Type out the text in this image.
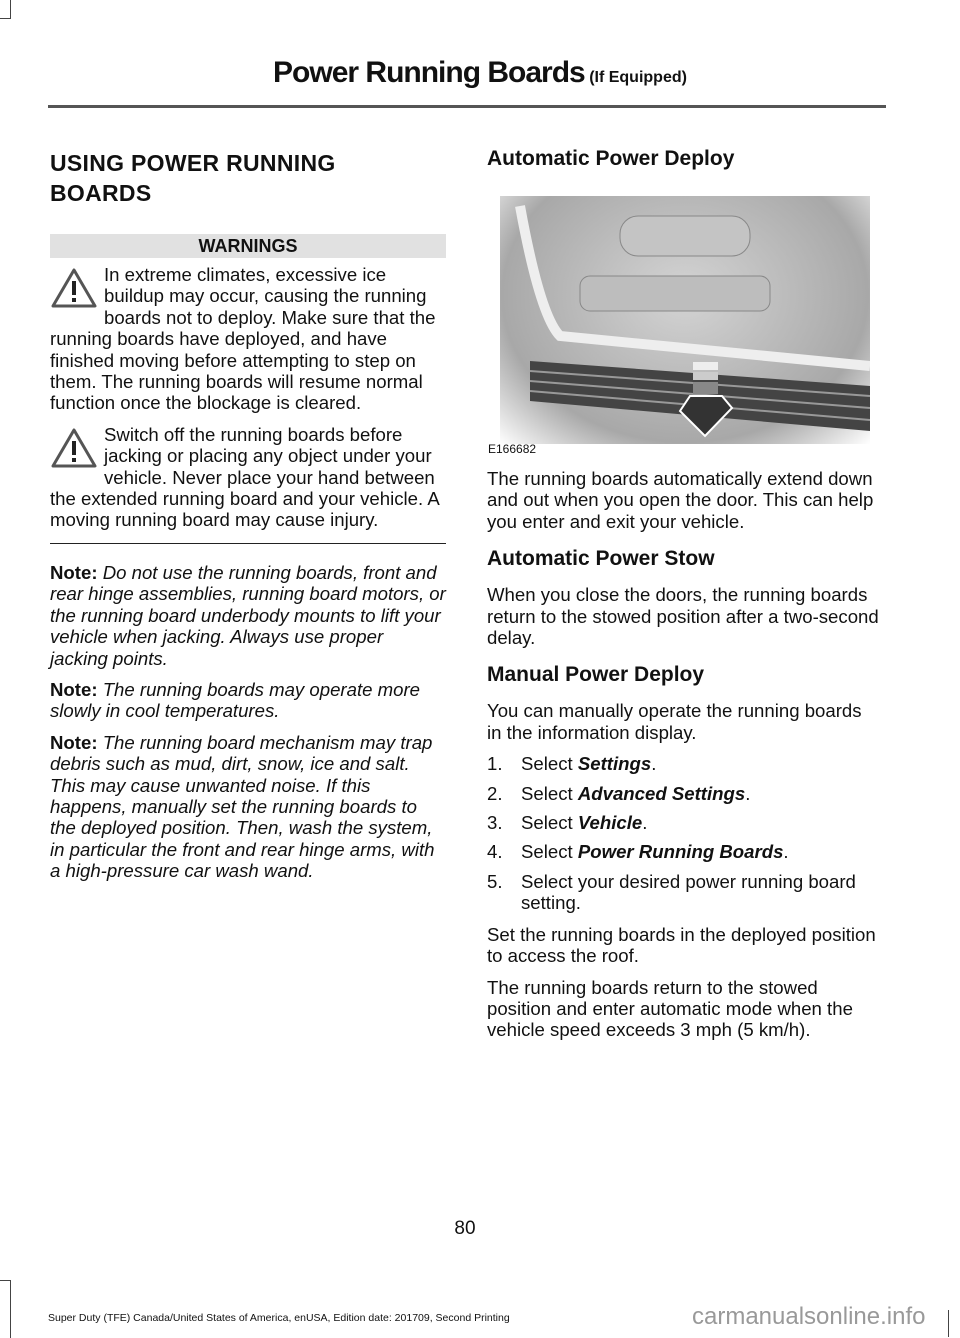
Power Running Boards (If Equipped)
USING POWER RUNNING BOARDS
WARNINGS
In extreme climates, excessive ice buildup may occur, causing the running boards not to deploy. Make sure that the running boards have deployed, and have finished moving before attempting to step on them. The running boards will resume normal function once the blockage is cleared.
Switch off the running boards before jacking or placing any object under your vehicle. Never place your hand between the extended running board and your vehicle. A moving running board may cause injury.

Note: Do not use the running boards, front and rear hinge assemblies, running board motors, or the running board underbody mounts to lift your vehicle when jacking. Always use proper jacking points.

Note: The running boards may operate more slowly in cool temperatures.

Note: The running board mechanism may trap debris such as mud, dirt, snow, ice and salt. This may cause unwanted noise. If this happens, manually set the running boards to the deployed position. Then, wash the system, in particular the front and rear hinge arms, with a high-pressure car wash wand.

Automatic Power Deploy
E166682

The running boards automatically extend down and out when you open the door. This can help you enter and exit your vehicle.

Automatic Power Stow

When you close the doors, the running boards return to the stowed position after a two-second delay.

Manual Power Deploy

You can manually operate the running boards in the information display.

1. Select Settings.
2. Select Advanced Settings.
3. Select Vehicle.
4. Select Power Running Boards.
5. Select your desired power running board setting.

Set the running boards in the deployed position to access the roof.

The running boards return to the stowed position and enter automatic mode when the vehicle speed exceeds 3 mph (5 km/h).

80
Super Duty (TFE) Canada/United States of America, enUSA, Edition date: 201709, Second Printing	carmanualsonline.info
